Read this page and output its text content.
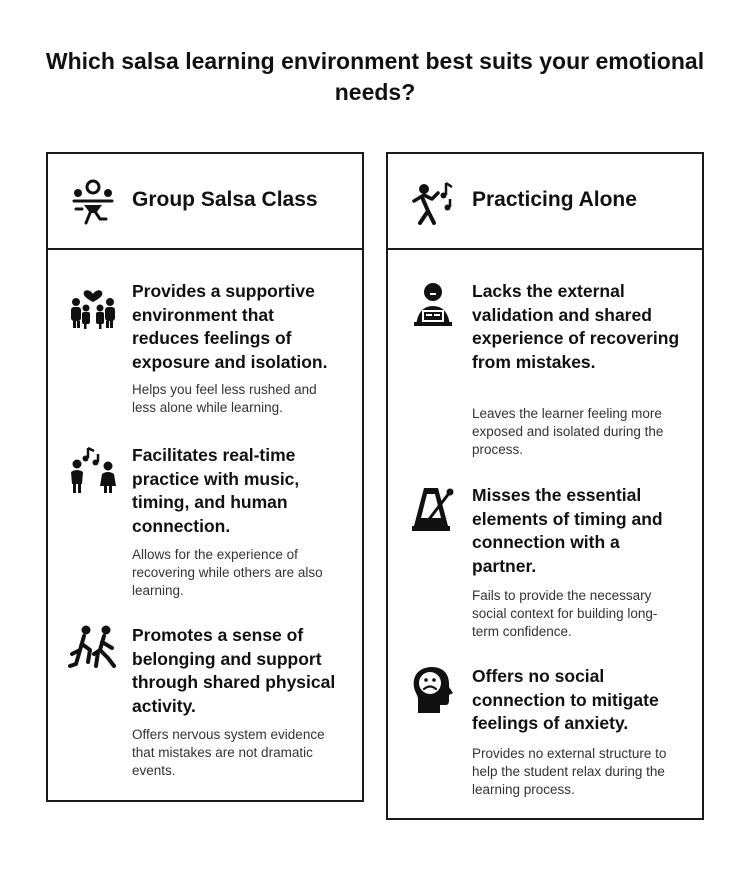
Which salsa learning environment best suits your emotional needs?
Group Salsa Class
Provides a supportive environment that reduces feelings of exposure and isolation.
Helps you feel less rushed and less alone while learning.
Facilitates real-time practice with music, timing, and human connection.
Allows for the experience of recovering while others are also learning.
Promotes a sense of belonging and support through shared physical activity.
Offers nervous system evidence that mistakes are not dramatic events.
Practicing Alone
Lacks the external validation and shared experience of recovering from mistakes.
Leaves the learner feeling more exposed and isolated during the process.
Misses the essential elements of timing and connection with a partner.
Fails to provide the necessary social context for building long-term confidence.
Offers no social connection to mitigate feelings of anxiety.
Provides no external structure to help the student relax during the learning process.
